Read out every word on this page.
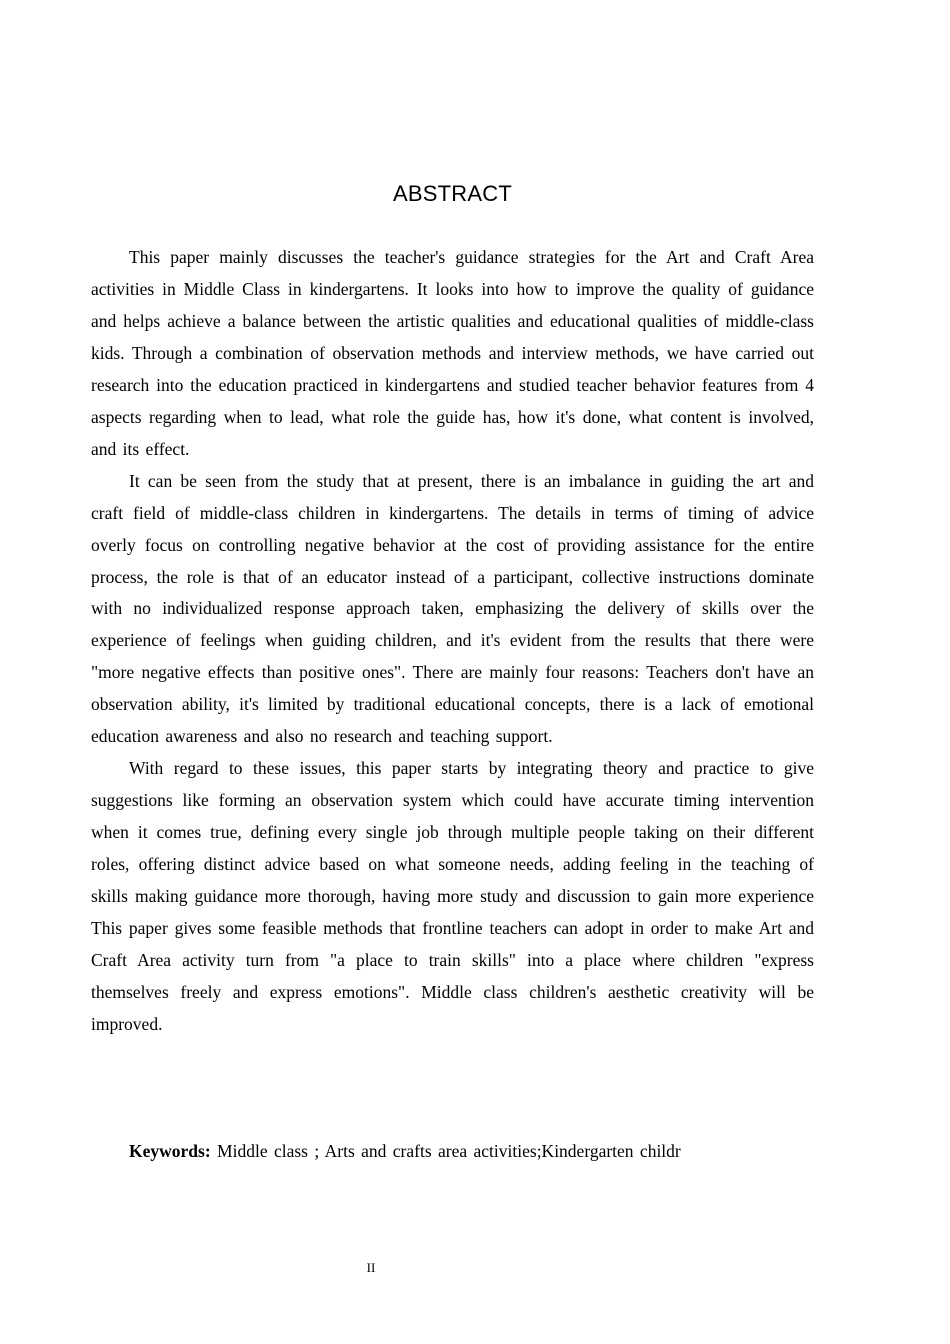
ABSTRACT

This paper mainly discusses the teacher's guidance strategies for the Art and Craft Area activities in Middle Class in kindergartens. It looks into how to improve the quality of guidance and helps achieve a balance between the artistic qualities and educational qualities of middle-class kids. Through a combination of observation methods and interview methods, we have carried out research into the education practiced in kindergartens and studied teacher behavior features from 4 aspects regarding when to lead, what role the guide has, how it's done, what content is involved, and its effect.

It can be seen from the study that at present, there is an imbalance in guiding the art and craft field of middle-class children in kindergartens. The details in terms of timing of advice overly focus on controlling negative behavior at the cost of providing assistance for the entire process, the role is that of an educator instead of a participant, collective instructions dominate with no individualized response approach taken, emphasizing the delivery of skills over the experience of feelings when guiding children, and it's evident from the results that there were "more negative effects than positive ones". There are mainly four reasons: Teachers don't have an observation ability, it's limited by traditional educational concepts, there is a lack of emotional education awareness and also no research and teaching support.

With regard to these issues, this paper starts by integrating theory and practice to give suggestions like forming an observation system which could have accurate timing intervention when it comes true, defining every single job through multiple people taking on their different roles, offering distinct advice based on what someone needs, adding feeling in the teaching of skills making guidance more thorough, having more study and discussion to gain more experience This paper gives some feasible methods that frontline teachers can adopt in order to make Art and Craft Area activity turn from "a place to train skills" into a place where children "express themselves freely and express emotions". Middle class children's aesthetic creativity will be improved.

Keywords: Middle class ; Arts and crafts area activities;Kindergarten childr
II
